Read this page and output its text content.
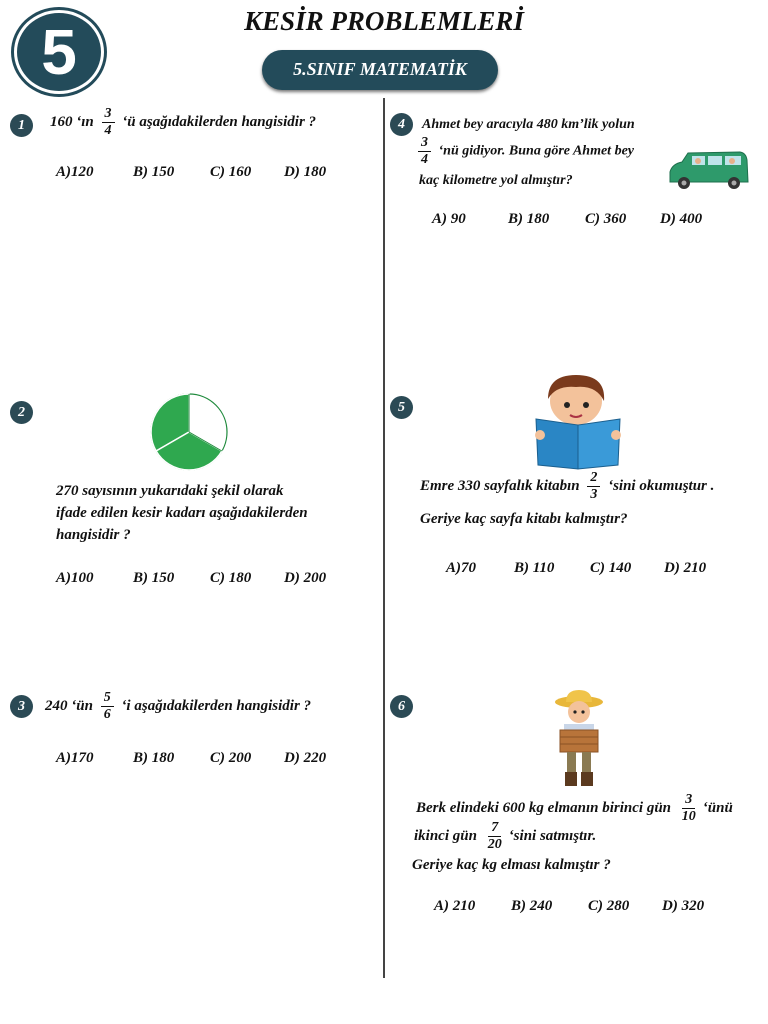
5	KESİR PROBLEMLERİ
5.SINIF MATEMATİK
1	160 ‘ın $\frac{3}{4}$ ‘ü aşağıdakilerden hangisidir ?
A)120	B) 150 C) 160 D) 180
2
270 sayısının yukarıdaki şekil olarak
ifade edilen kesir kadarı aşağıdakilerden
hangisidir ?
A)100	B) 150 C) 180 D) 200
3	240 ‘ün $\frac{5}{6}$ ‘i aşağıdakilerden hangisidir ?
A)170	B) 180 C) 200 D) 220
4	Ahmet bey aracıyla 480 km’lik yolun
$\frac{3}{4}$ ‘nü gidiyor. Buna göre Ahmet bey
kaç kilometre yol almıştır?
A) 90	B) 180 C) 360 D) 400
5
Emre 330 sayfalık kitabın $\frac{2}{3}$ ‘sini okumuştur .
Geriye kaç sayfa kitabı kalmıştır?
A)70	B) 110 C) 140 D) 210
6
Berk elindeki 600 kg elmanın birinci gün $\frac{3}{10}$ ‘ünü
ikinci gün $\frac{7}{20}$ ‘sini satmıştır.
Geriye kaç kg elması kalmıştır ?
A) 210 B) 240 C) 280 D) 320
